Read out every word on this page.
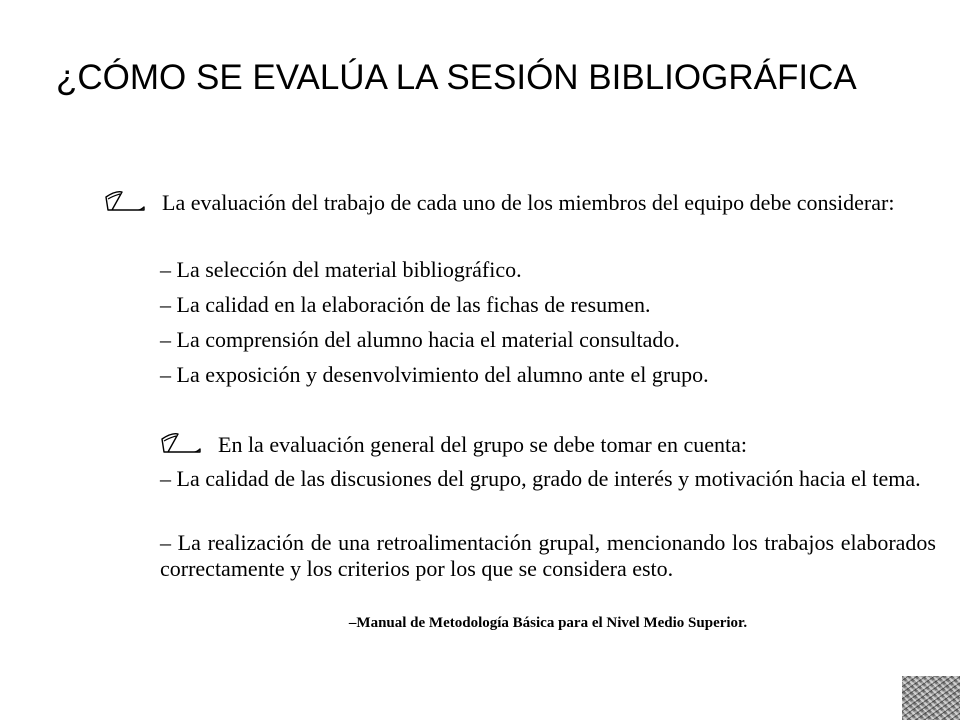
¿CÓMO SE EVALÚA LA SESIÓN BIBLIOGRÁFICA

La evaluación del trabajo de cada uno de los miembros del equipo debe considerar:

– La selección del material bibliográfico.

– La calidad en la elaboración de las fichas de resumen.

– La comprensión del alumno hacia el material consultado.

– La exposición y desenvolvimiento del alumno ante el grupo.

En la evaluación general del grupo se debe tomar en cuenta:

– La calidad de las discusiones del grupo, grado de interés y motivación hacia el tema.

– La realización de una retroalimentación grupal, mencionando los trabajos elaborados correctamente y los criterios por los que se considera esto.

–Manual de Metodología Básica para el Nivel Medio Superior.
